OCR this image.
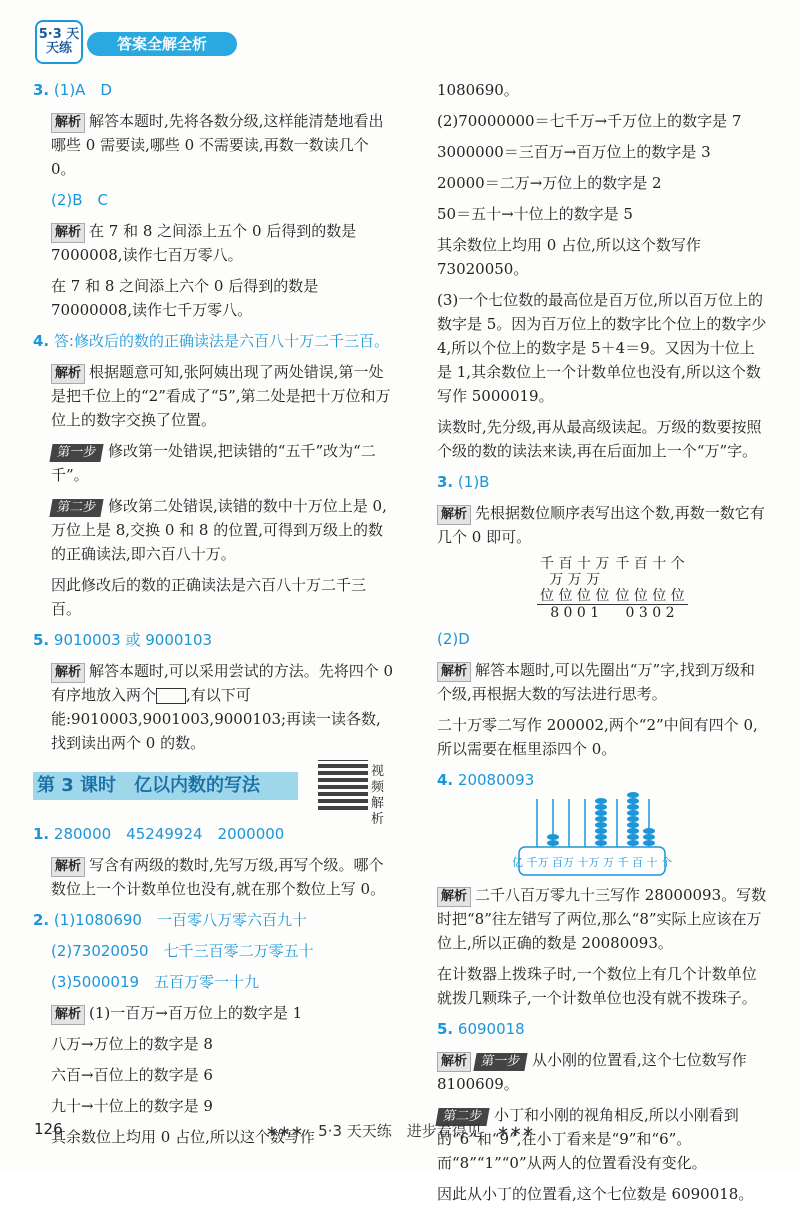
5·3 天天练	答案全解全析

3. (1)A　D

解析 解答本题时,先将各数分级,这样能清楚地看出哪些 0 需要读,哪些 0 不需要读,再数一数读几个 0。

(2)B　C

解析 在 7 和 8 之间添上五个 0 后得到的数是 7000008,读作七百万零八。

在 7 和 8 之间添上六个 0 后得到的数是 70000008,读作七千万零八。

4. 答:修改后的数的正确读法是六百八十万二千三百。

解析 根据题意可知,张阿姨出现了两处错误,第一处是把千位上的“2”看成了“5”,第二处是把十万位和万位上的数字交换了位置。

第一步 修改第一处错误,把读错的“五千”改为“二千”。

第二步 修改第二处错误,读错的数中十万位上是 0,万位上是 8,交换 0 和 8 的位置,可得到万级上的数的正确读法,即六百八十万。

因此修改后的数的正确读法是六百八十万二千三百。

5. 9010003 或 9000103

解析 解答本题时,可以采用尝试的方法。先将四个 0 有序地放入两个 ,有以下可能:9010003,9001003,9000103;再读一读各数,找到读出两个 0 的数。

第 3 课时　亿以内数的写法
视频解析

1. 280000　45249924　2000000

解析 写含有两级的数时,先写万级,再写个级。哪个数位上一个计数单位也没有,就在那个数位上写 0。

2. (1)1080690　一百零八万零六百九十

(2)73020050　七千三百零二万零五十

(3)5000019　五百万零一十九

解析 (1)一百万→百万位上的数字是 1

八万→万位上的数字是 8

六百→百位上的数字是 6

九十→十位上的数字是 9

其余数位上均用 0 占位,所以这个数写作

1080690。

(2)70000000＝七千万→千万位上的数字是 7

3000000＝三百万→百万位上的数字是 3

20000＝二万→万位上的数字是 2

50＝五十→十位上的数字是 5

其余数位上均用 0 占位,所以这个数写作 73020050。

(3)一个七位数的最高位是百万位,所以百万位上的数字是 5。因为百万位上的数字比个位上的数字少 4,所以个位上的数字是 5＋4＝9。又因为十位上是 1,其余数位上一个计数单位也没有,所以这个数写作 5000019。

读数时,先分级,再从最高级读起。万级的数要按照个级的数的读法来读,再在后面加上一个“万”字。

3. (1)B

解析 先根据数位顺序表写出这个数,再数一数它有几个 0 即可。

千 百 十 万	千 百 十 个
万 万 万	
位 位 位 位	位 位 位 位
8 0 0 1	0 3 0 2

(2)D

解析 解答本题时,可以先圈出“万”字,找到万级和个级,再根据大数的写法进行思考。

二十万零二写作 200002,两个“2”中间有四个 0,所以需要在框里添四个 0。

4. 20080093

亿 千万 百万 十万 万 千 百 十 个

解析 二千八百万零九十三写作 28000093。写数时把“8”往左错写了两位,那么“8”实际上应该在万位上,所以正确的数是 20080093。

在计数器上拨珠子时,一个数位上有几个计数单位就拨几颗珠子,一个计数单位也没有就不拨珠子。

5. 6090018

解析 第一步 从小刚的位置看,这个七位数写作 8100609。

第二步 小丁和小刚的视角相反,所以小刚看到的“6”和“9”,在小丁看来是“9”和“6”。而“8”“1”“0”从两人的位置看没有变化。

因此从小丁的位置看,这个七位数是 6090018。

126	∗∗∗　5·3 天天练　进步看得见　∗∗∗
